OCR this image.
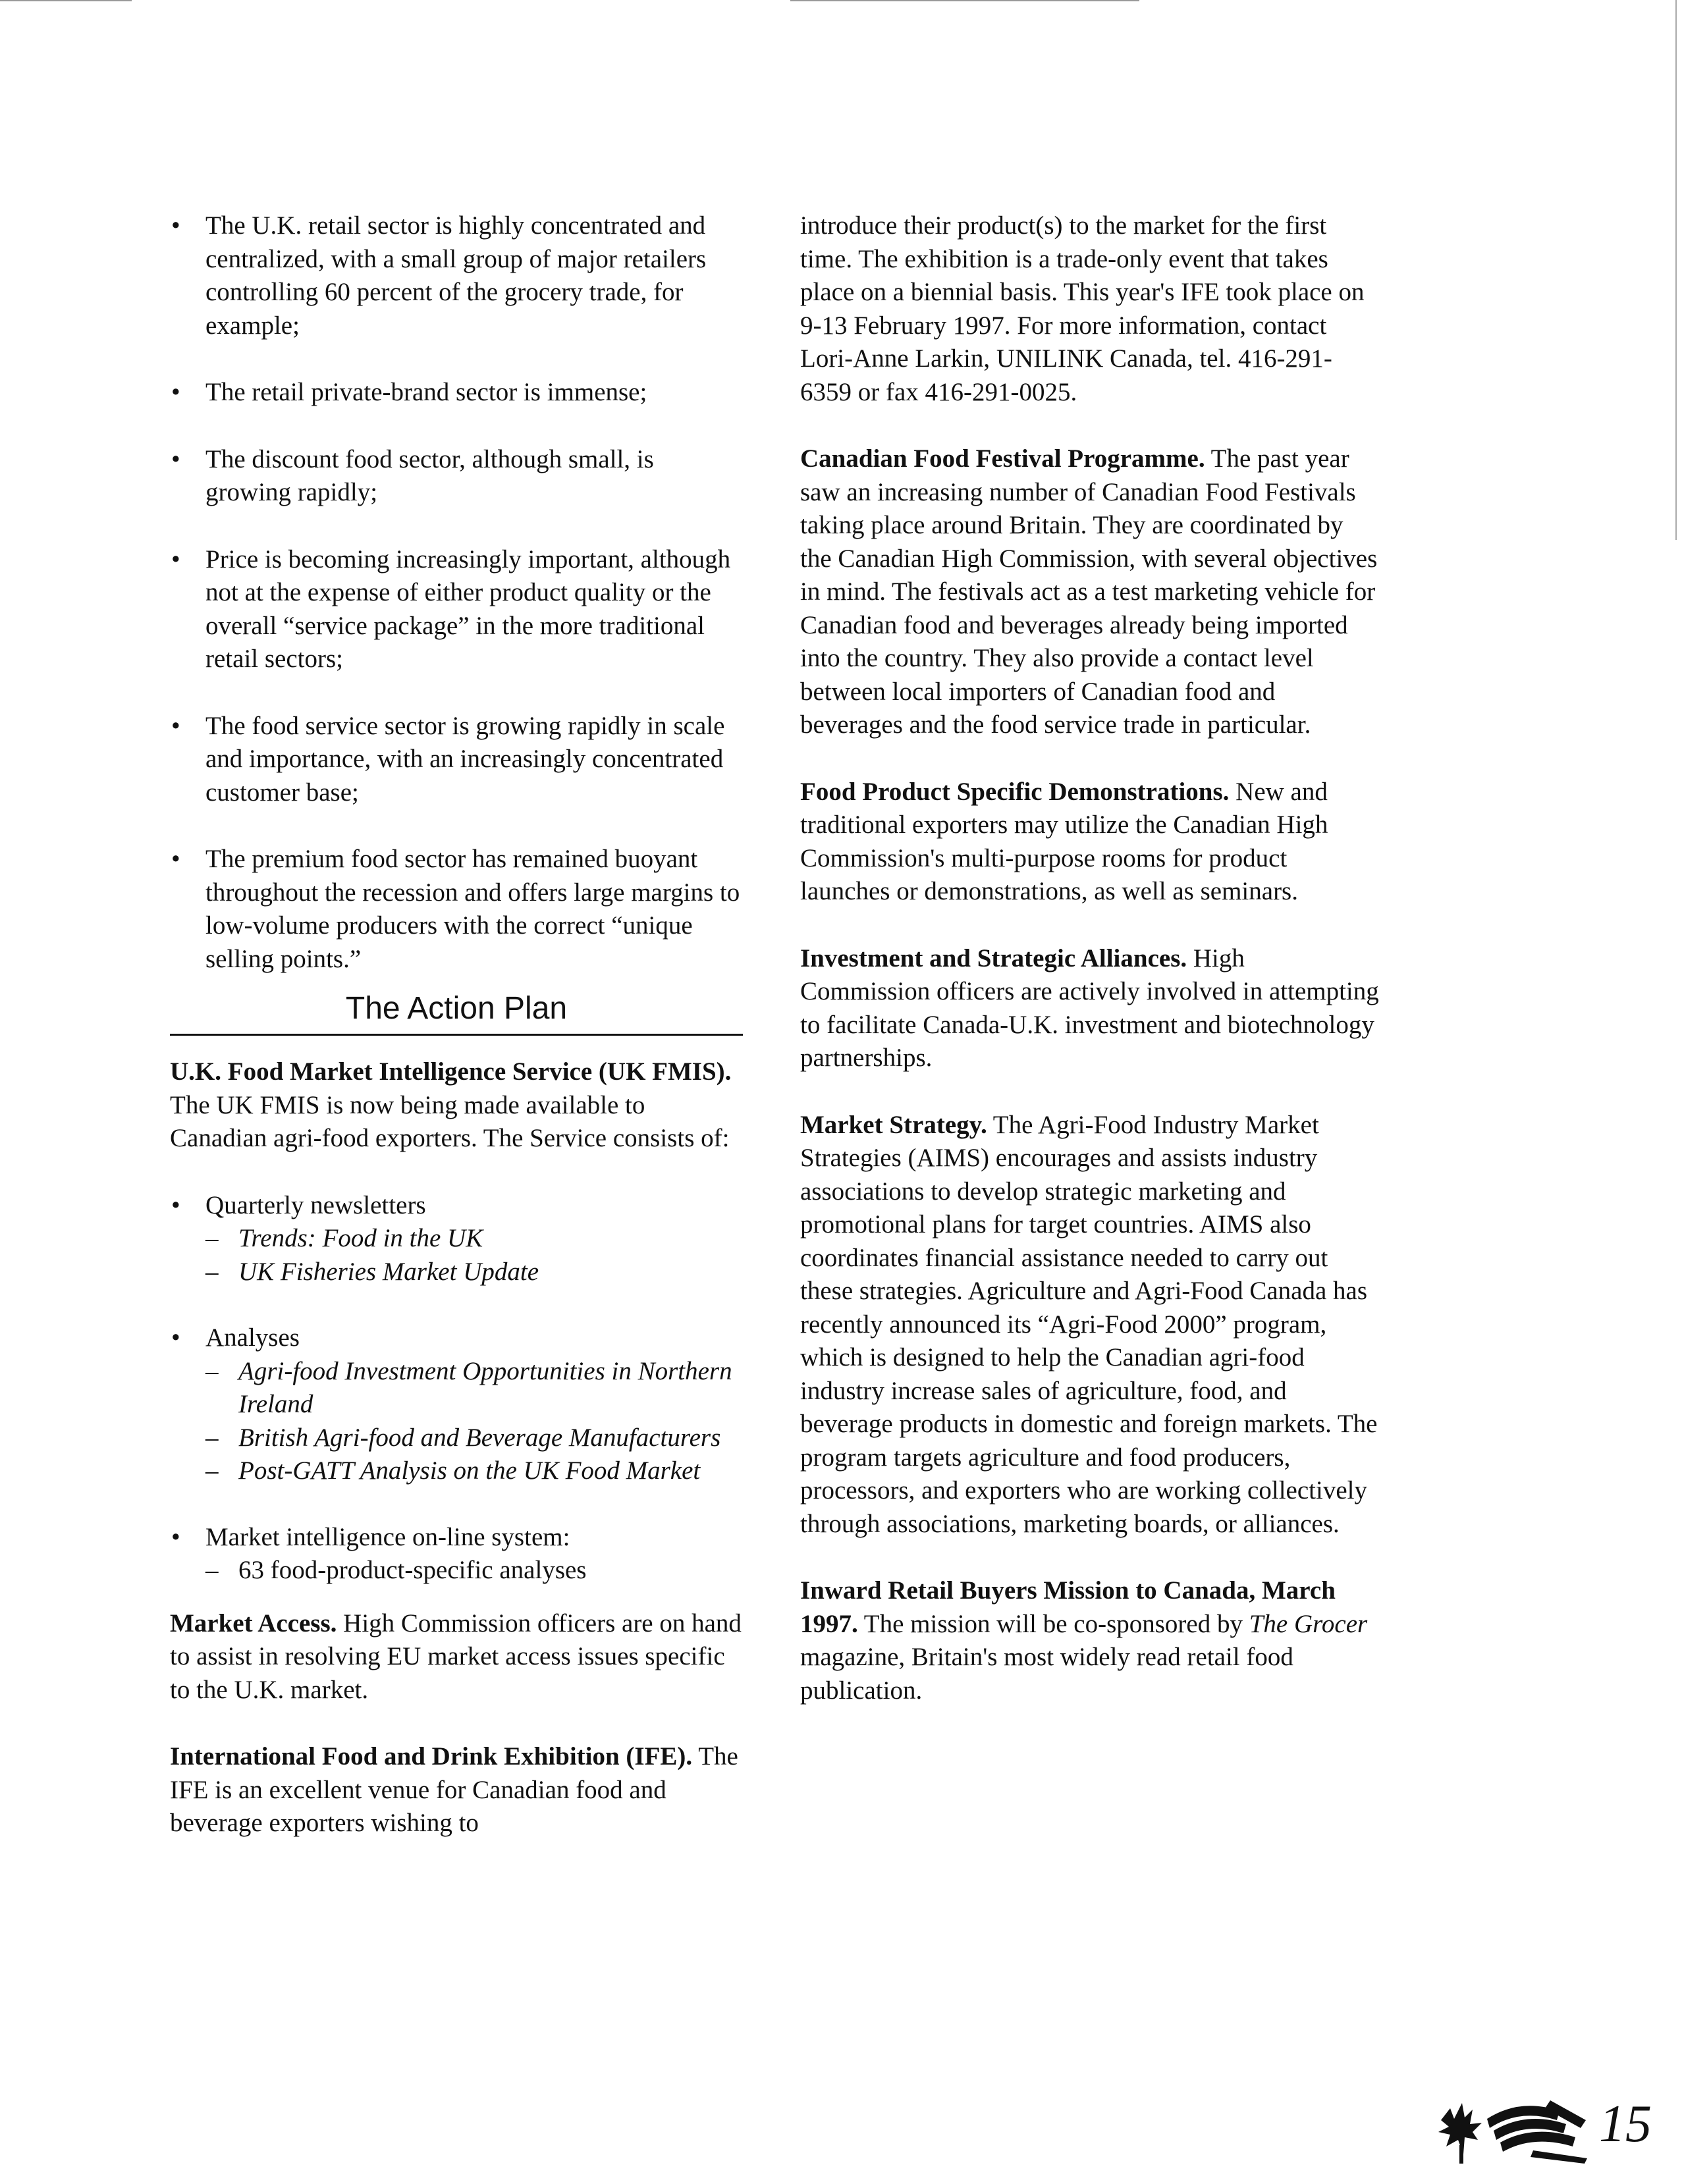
• The U.K. retail sector is highly concentrated and centralized, with a small group of major retailers controlling 60 percent of the grocery trade, for example;
• The retail private-brand sector is immense;
• The discount food sector, although small, is growing rapidly;
• Price is becoming increasingly important, although not at the expense of either product quality or the overall “service package” in the more traditional retail sectors;
• The food service sector is growing rapidly in scale and importance, with an increasingly concentrated customer base;
• The premium food sector has remained buoyant throughout the recession and offers large margins to low-volume producers with the correct “unique selling points.”
The Action Plan

U.K. Food Market Intelligence Service (UK FMIS). The UK FMIS is now being made available to Canadian agri-food exporters. The Service consists of:

• Quarterly newsletters
– Trends: Food in the UK
– UK Fisheries Market Update
• Analyses
– Agri-food Investment Opportunities in Northern Ireland
– British Agri-food and Beverage Manufacturers
– Post-GATT Analysis on the UK Food Market
• Market intelligence on-line system:
– 63 food-product-specific analyses

Market Access. High Commission officers are on hand to assist in resolving EU market access issues specific to the U.K. market.

International Food and Drink Exhibition (IFE). The IFE is an excellent venue for Canadian food and beverage exporters wishing to

introduce their product(s) to the market for the first time. The exhibition is a trade-only event that takes place on a biennial basis. This year's IFE took place on 9-13 February 1997. For more information, contact Lori-Anne Larkin, UNILINK Canada, tel. 416-291-6359 or fax 416-291-0025.

Canadian Food Festival Programme. The past year saw an increasing number of Canadian Food Festivals taking place around Britain. They are coordinated by the Canadian High Commission, with several objectives in mind. The festivals act as a test marketing vehicle for Canadian food and beverages already being imported into the country. They also provide a contact level between local importers of Canadian food and beverages and the food service trade in particular.

Food Product Specific Demonstrations. New and traditional exporters may utilize the Canadian High Commission's multi-purpose rooms for product launches or demonstrations, as well as seminars.

Investment and Strategic Alliances. High Commission officers are actively involved in attempting to facilitate Canada-U.K. investment and biotechnology partnerships.

Market Strategy. The Agri-Food Industry Market Strategies (AIMS) encourages and assists industry associations to develop strategic marketing and promotional plans for target countries. AIMS also coordinates financial assistance needed to carry out these strategies. Agriculture and Agri-Food Canada has recently announced its “Agri-Food 2000” program, which is designed to help the Canadian agri-food industry increase sales of agriculture, food, and beverage products in domestic and foreign markets. The program targets agriculture and food producers, processors, and exporters who are working collectively through associations, marketing boards, or alliances.

Inward Retail Buyers Mission to Canada, March 1997. The mission will be co-sponsored by The Grocer magazine, Britain's most widely read retail food publication.

15
